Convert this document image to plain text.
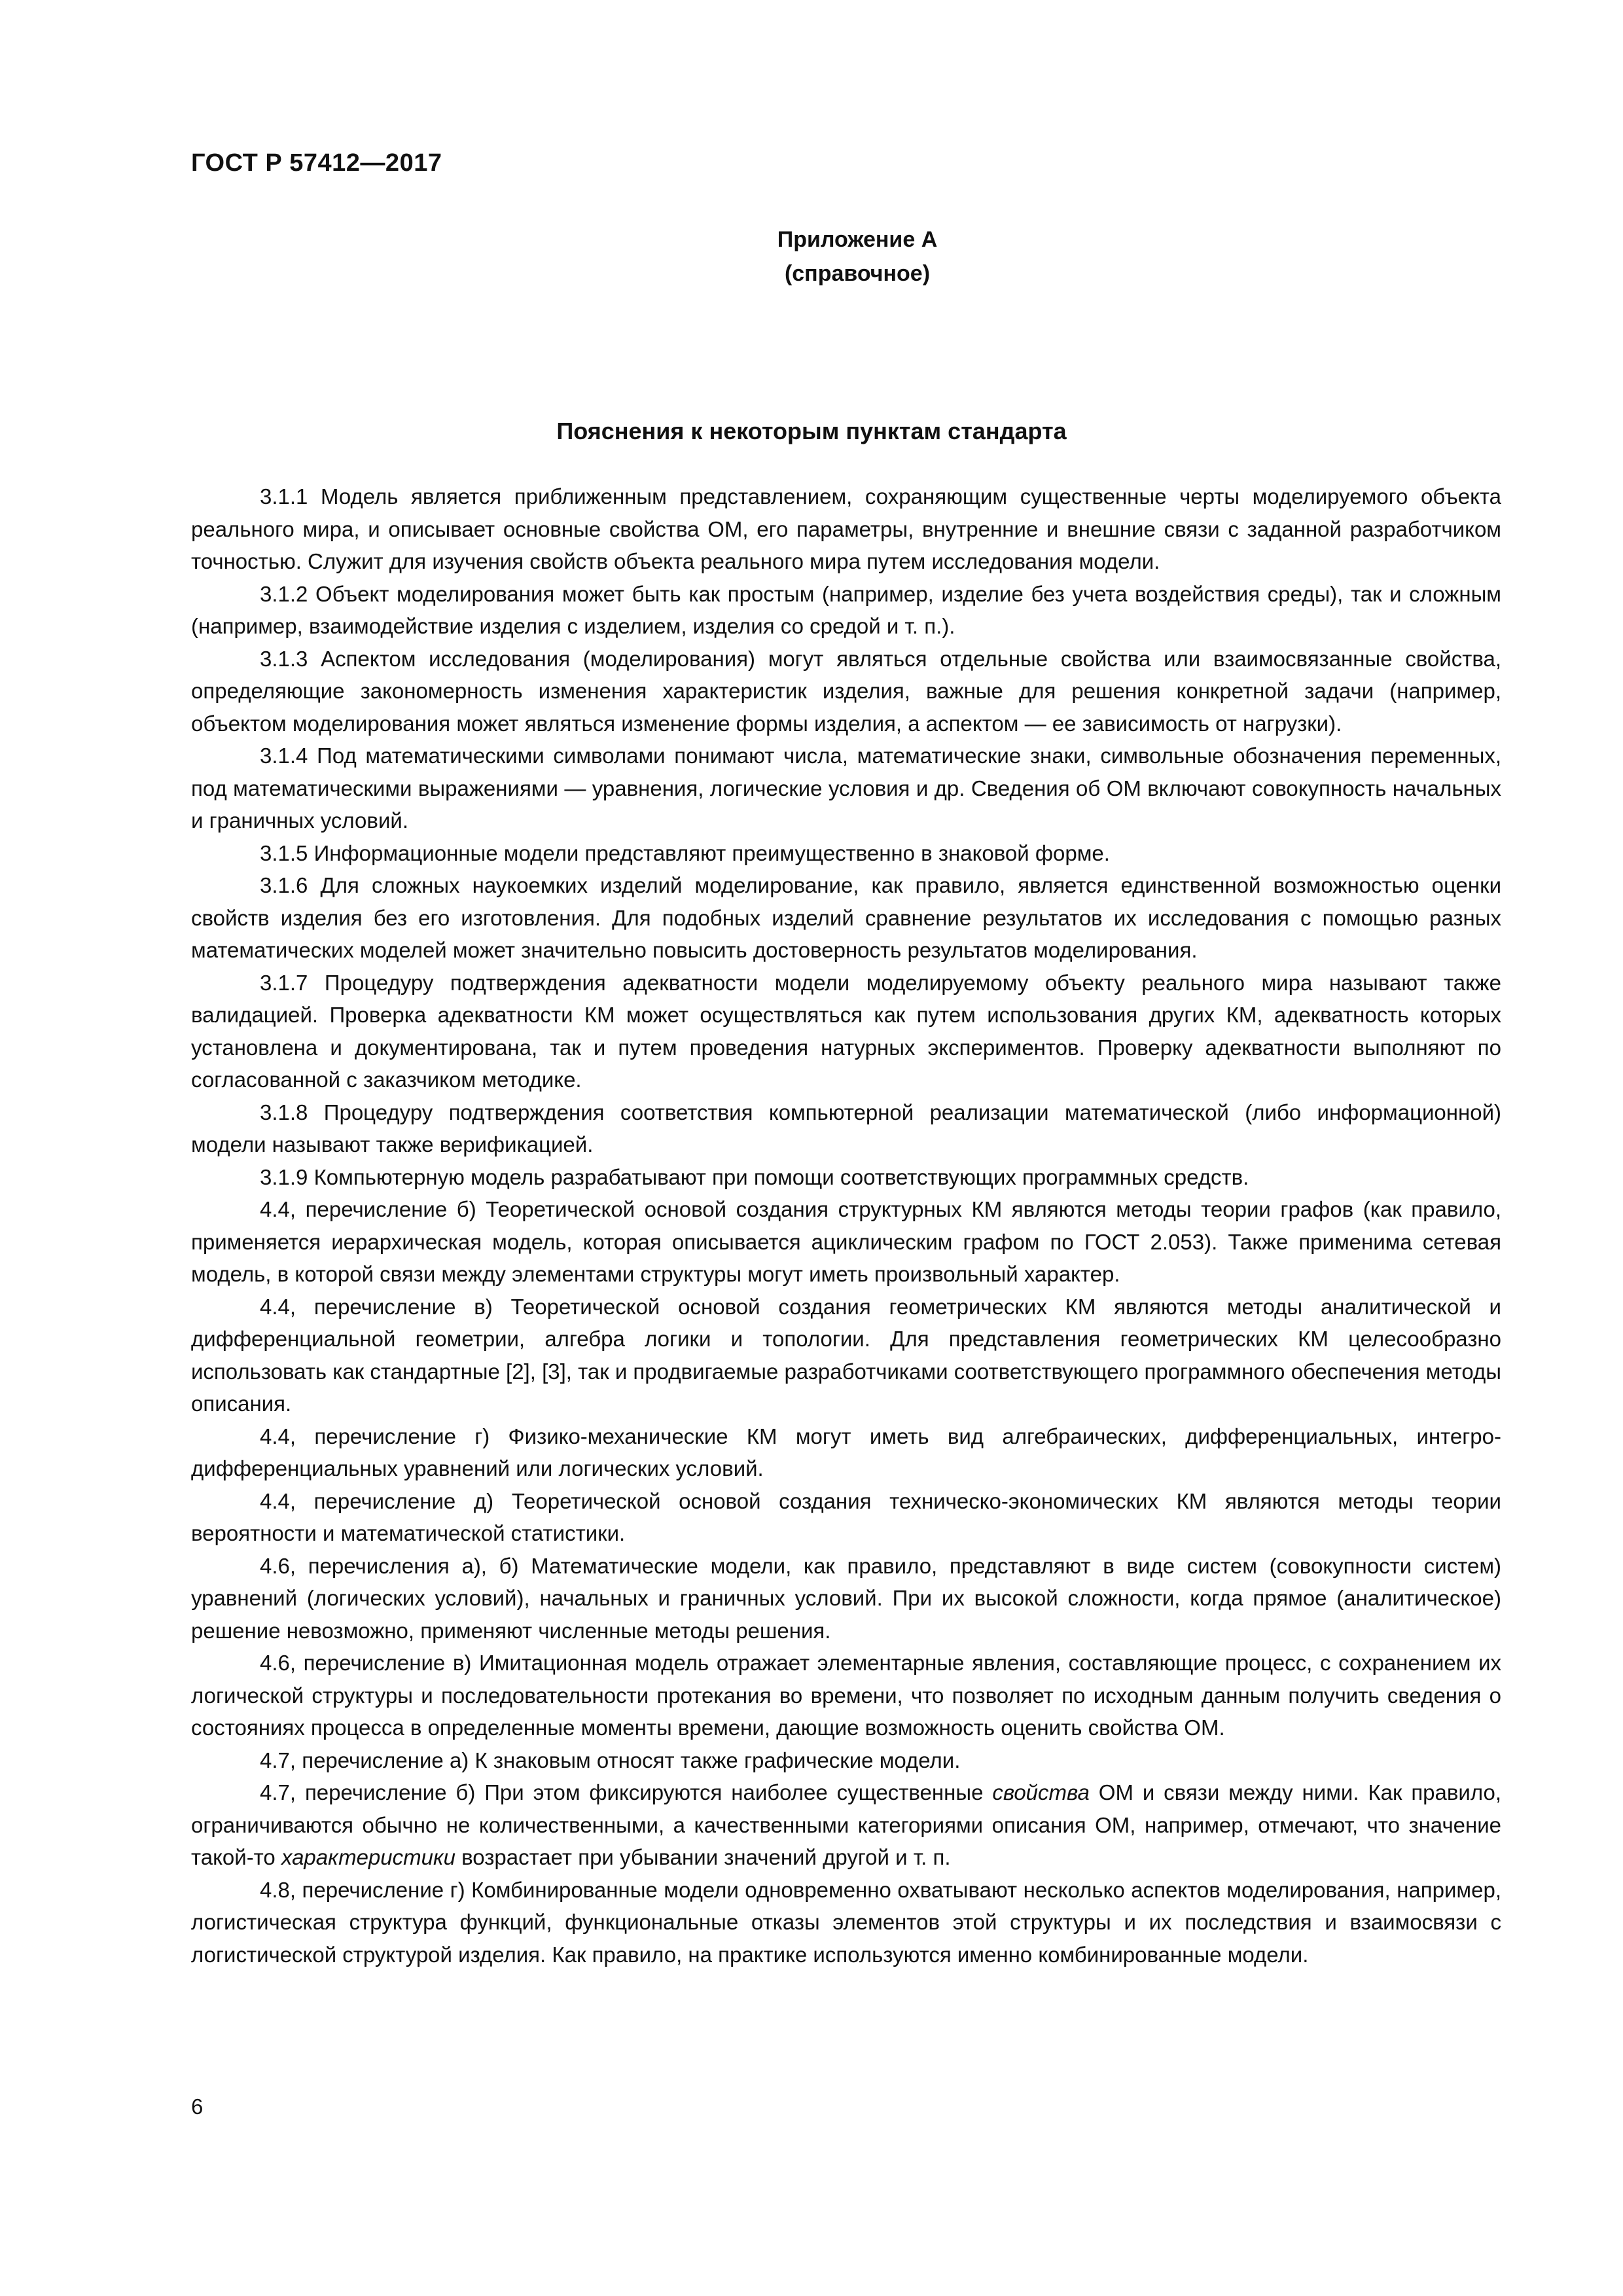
ГОСТ Р 57412—2017
Приложение А
(справочное)
Пояснения к некоторым пунктам стандарта

3.1.1 Модель является приближенным представлением, сохраняющим существенные черты моделируемого объекта реального мира, и описывает основные свойства ОМ, его параметры, внутренние и внешние связи с заданной разработчиком точностью. Служит для изучения свойств объекта реального мира путем исследования модели.

3.1.2 Объект моделирования может быть как простым (например, изделие без учета воздействия среды), так и сложным (например, взаимодействие изделия с изделием, изделия со средой и т. п.).

3.1.3 Аспектом исследования (моделирования) могут являться отдельные свойства или взаимосвязанные свойства, определяющие закономерность изменения характеристик изделия, важные для решения конкретной задачи (например, объектом моделирования может являться изменение формы изделия, а аспектом — ее зависимость от нагрузки).

3.1.4 Под математическими символами понимают числа, математические знаки, символьные обозначения переменных, под математическими выражениями — уравнения, логические условия и др. Сведения об ОМ включают совокупность начальных и граничных условий.

3.1.5 Информационные модели представляют преимущественно в знаковой форме.

3.1.6 Для сложных наукоемких изделий моделирование, как правило, является единственной возможностью оценки свойств изделия без его изготовления. Для подобных изделий сравнение результатов их исследования с помощью разных математических моделей может значительно повысить достоверность результатов моделирования.

3.1.7 Процедуру подтверждения адекватности модели моделируемому объекту реального мира называют также валидацией. Проверка адекватности КМ может осуществляться как путем использования других КМ, адекватность которых установлена и документирована, так и путем проведения натурных экспериментов. Проверку адекватности выполняют по согласованной с заказчиком методике.

3.1.8 Процедуру подтверждения соответствия компьютерной реализации математической (либо информационной) модели называют также верификацией.

3.1.9 Компьютерную модель разрабатывают при помощи соответствующих программных средств.

4.4, перечисление б) Теоретической основой создания структурных КМ являются методы теории графов (как правило, применяется иерархическая модель, которая описывается ациклическим графом по ГОСТ 2.053). Также применима сетевая модель, в которой связи между элементами структуры могут иметь произвольный характер.

4.4, перечисление в) Теоретической основой создания геометрических КМ являются методы аналитической и дифференциальной геометрии, алгебра логики и топологии. Для представления геометрических КМ целесообразно использовать как стандартные [2], [3], так и продвигаемые разработчиками соответствующего программного обеспечения методы описания.

4.4, перечисление г) Физико-механические КМ могут иметь вид алгебраических, дифференциальных, интегро-дифференциальных уравнений или логических условий.

4.4, перечисление д) Теоретической основой создания техническо-экономических КМ являются методы теории вероятности и математической статистики.

4.6, перечисления а), б) Математические модели, как правило, представляют в виде систем (совокупности систем) уравнений (логических условий), начальных и граничных условий. При их высокой сложности, когда прямое (аналитическое) решение невозможно, применяют численные методы решения.

4.6, перечисление в) Имитационная модель отражает элементарные явления, составляющие процесс, с сохранением их логической структуры и последовательности протекания во времени, что позволяет по исходным данным получить сведения о состояниях процесса в определенные моменты времени, дающие возможность оценить свойства ОМ.

4.7, перечисление а) К знаковым относят также графические модели.

4.7, перечисление б) При этом фиксируются наиболее существенные свойства ОМ и связи между ними. Как правило, ограничиваются обычно не количественными, а качественными категориями описания ОМ, например, отмечают, что значение такой-то характеристики возрастает при убывании значений другой и т. п.

4.8, перечисление г) Комбинированные модели одновременно охватывают несколько аспектов моделирования, например, логистическая структура функций, функциональные отказы элементов этой структуры и их последствия и взаимосвязи с логистической структурой изделия. Как правило, на практике используются именно комбинированные модели.

6
